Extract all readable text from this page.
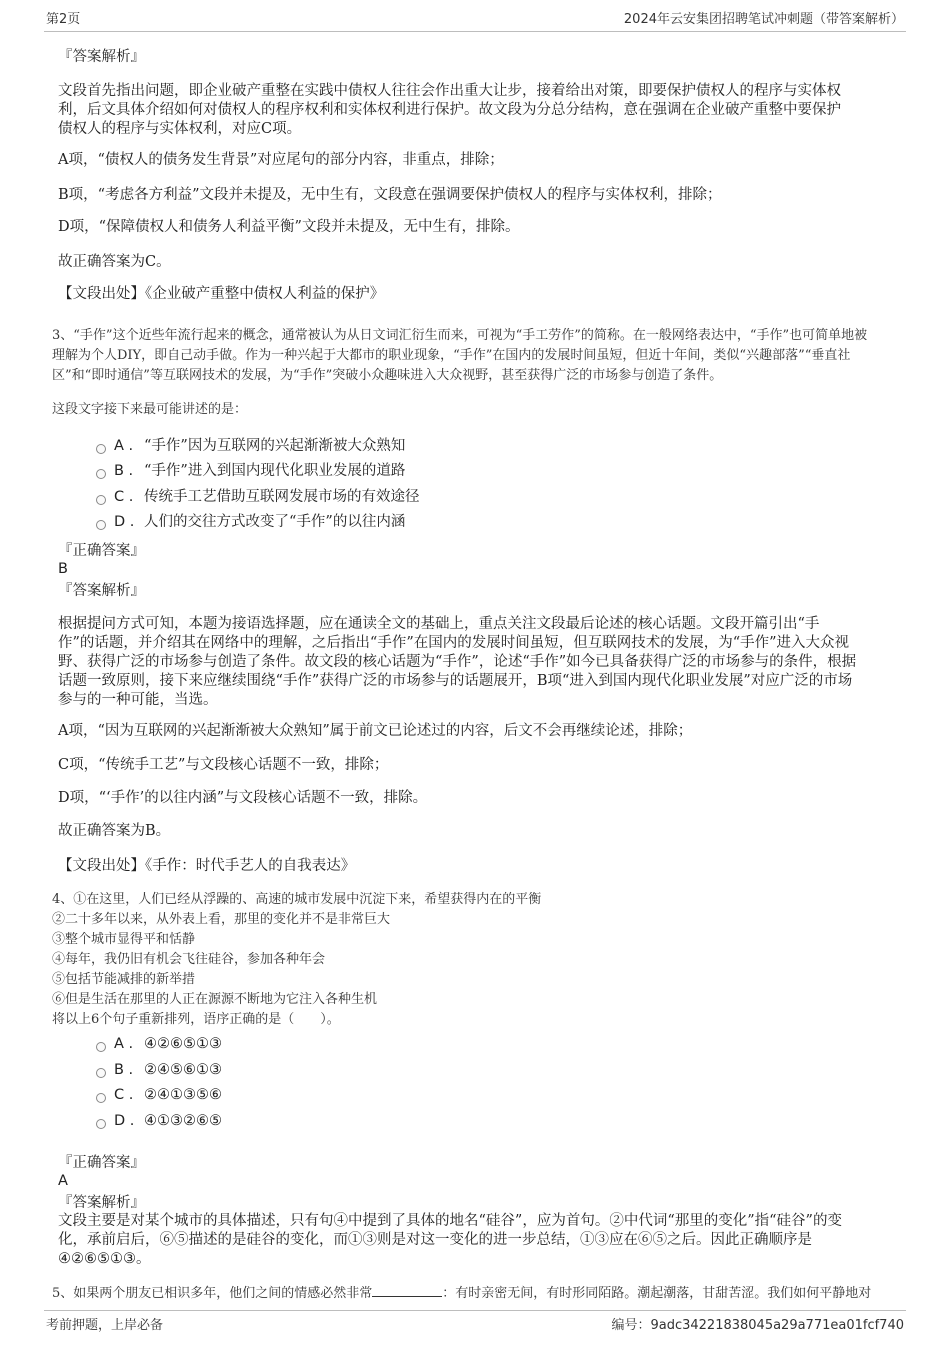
第2页	2024年云安集团招聘笔试冲刺题（带答案解析）
『答案解析』

文段首先指出问题，即企业破产重整在实践中债权人往往会作出重大让步，接着给出对策，即要保护债权人的程序与实体权

利，后文具体介绍如何对债权人的程序权利和实体权利进行保护。故文段为分总分结构，意在强调在企业破产重整中要保护

债权人的程序与实体权利，对应C项。

A项，“债权人的债务发生背景”对应尾句的部分内容，非重点，排除；
B项，“考虑各方利益”文段并未提及，无中生有，文段意在强调要保护债权人的程序与实体权利，排除；
D项，“保障债权人和债务人利益平衡”文段并未提及，无中生有，排除。
故正确答案为C。
【文段出处】《企业破产重整中债权人利益的保护》

3、“手作”这个近些年流行起来的概念，通常被认为从日文词汇衍生而来，可视为“手工劳作”的简称。在一般网络表达中，“手作”也可简单地被

理解为个人DIY，即自己动手做。作为一种兴起于大都市的职业现象，“手作”在国内的发展时间虽短，但近十年间，类似“兴趣部落”“垂直社

区”和“即时通信”等互联网技术的发展，为“手作”突破小众趣味进入大众视野，甚至获得广泛的市场参与创造了条件。

这段文字接下来最可能讲述的是：
A . “手作”因为互联网的兴起渐渐被大众熟知
B . “手作”进入到国内现代化职业发展的道路
C . 传统手工艺借助互联网发展市场的有效途径
D . 人们的交往方式改变了“手作”的以往内涵
『正确答案』
B
『答案解析』

根据提问方式可知，本题为接语选择题，应在通读全文的基础上，重点关注文段最后论述的核心话题。文段开篇引出“手

作”的话题，并介绍其在网络中的理解，之后指出“手作”在国内的发展时间虽短，但互联网技术的发展，为“手作”进入大众视

野、获得广泛的市场参与创造了条件。故文段的核心话题为“手作”，论述“手作”如今已具备获得广泛的市场参与的条件，根据

话题一致原则，接下来应继续围绕“手作”获得广泛的市场参与的话题展开，B项“进入到国内现代化职业发展”对应广泛的市场

参与的一种可能，当选。

A项，“因为互联网的兴起渐渐被大众熟知”属于前文已论述过的内容，后文不会再继续论述，排除；
C项，“传统手工艺”与文段核心话题不一致，排除；
D项，“‘手作’的以往内涵”与文段核心话题不一致，排除。
故正确答案为B。
【文段出处】《手作：时代手艺人的自我表达》

4、①在这里，人们已经从浮躁的、高速的城市发展中沉淀下来，希望获得内在的平衡

②二十多年以来，从外表上看，那里的变化并不是非常巨大

③整个城市显得平和恬静

④每年，我仍旧有机会飞往硅谷，参加各种年会

⑤包括节能减排的新举措

⑥但是生活在那里的人正在源源不断地为它注入各种生机

将以上6个句子重新排列，语序正确的是（　　）。

A . ④②⑥⑤①③
B . ②④⑤⑥①③
C . ②④①③⑤⑥
D . ④①③②⑥⑤
『正确答案』
A
『答案解析』

文段主要是对某个城市的具体描述，只有句④中提到了具体的地名“硅谷”，应为首句。②中代词“那里的变化”指“硅谷”的变

化，承前启后，⑥⑤描述的是硅谷的变化，而①③则是对这一变化的进一步总结，①③应在⑥⑤之后。因此正确顺序是

④②⑥⑤①③。

5、如果两个朋友已相识多年，他们之间的情感必然非常	：有时亲密无间，有时形同陌路。潮起潮落，甘甜苦涩。我们如何平静地对
考前押题，上岸必备	编号：9adc34221838045a29a771ea01fcf740
